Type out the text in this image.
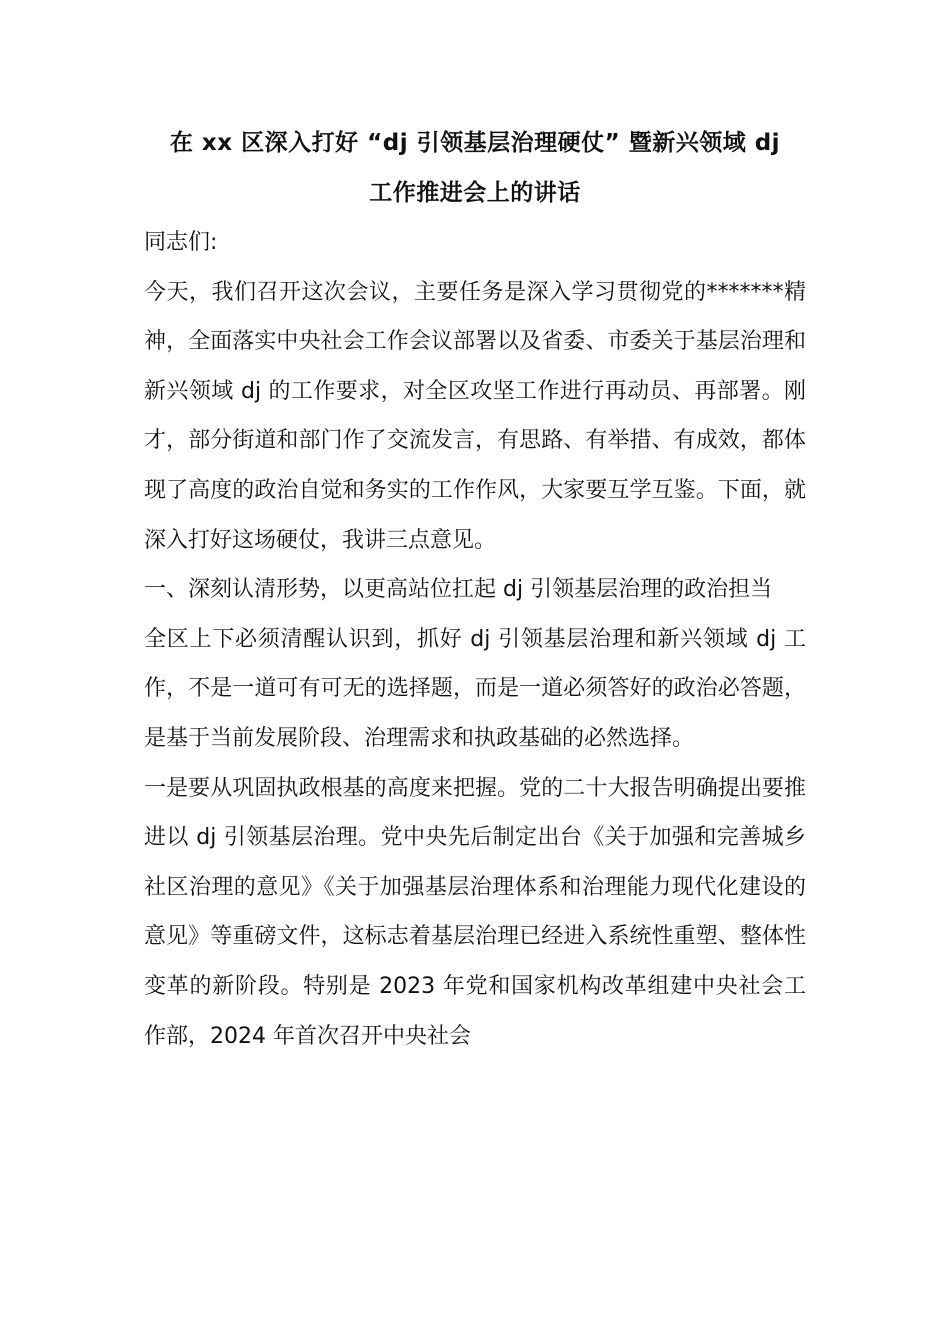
在 xx 区深入打好 “dj 引领基层治理硬仗” 暨新兴领域 dj
工作推进会上的讲话

同志们:

今天，我们召开这次会议，主要任务是深入学习贯彻党的*******精神，全面落实中央社会工作会议部署以及省委、市委关于基层治理和新兴领域 dj 的工作要求，对全区攻坚工作进行再动员、再部署。刚才，部分街道和部门作了交流发言，有思路、有举措、有成效，都体现了高度的政治自觉和务实的工作作风，大家要互学互鉴。下面，就深入打好这场硬仗，我讲三点意见。

一、深刻认清形势，以更高站位扛起 dj 引领基层治理的政治担当

全区上下必须清醒认识到，抓好 dj 引领基层治理和新兴领域 dj 工作，不是一道可有可无的选择题，而是一道必须答好的政治必答题，是基于当前发展阶段、治理需求和执政基础的必然选择。

一是要从巩固执政根基的高度来把握。党的二十大报告明确提出要推进以 dj 引领基层治理。党中央先后制定出台《关于加强和完善城乡社区治理的意见》《关于加强基层治理体系和治理能力现代化建设的意见》等重磅文件，这标志着基层治理已经进入系统性重塑、整体性变革的新阶段。特别是 2023 年党和国家机构改革组建中央社会工作部，2024 年首次召开中央社会
